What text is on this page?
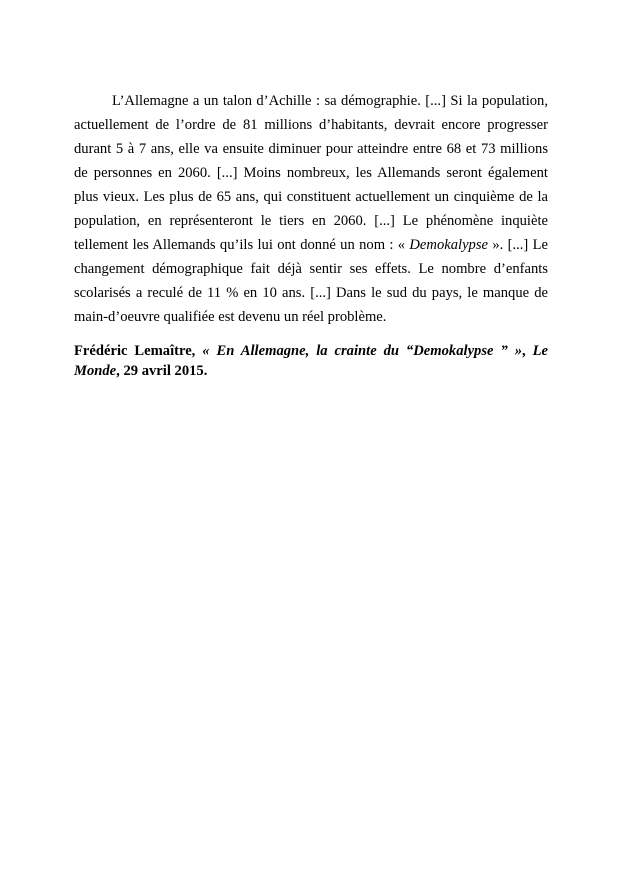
L’Allemagne a un talon d’Achille : sa démographie. [...] Si la population, actuellement de l’ordre de 81 millions d’habitants, devrait encore progresser durant 5 à 7 ans, elle va ensuite diminuer pour atteindre entre 68 et 73 millions de personnes en 2060. [...] Moins nombreux, les Allemands seront également plus vieux. Les plus de 65 ans, qui constituent actuellement un cinquième de la population, en représenteront le tiers en 2060. [...] Le phénomène inquiète tellement les Allemands qu’ils lui ont donné un nom : « Demokalypse ». [...] Le changement démographique fait déjà sentir ses effets. Le nombre d’enfants scolarisés a reculé de 11 % en 10 ans. [...] Dans le sud du pays, le manque de main-d’oeuvre qualifiée est devenu un réel problème.

Frédéric Lemaître, « En Allemagne, la crainte du “Demokalypse ” », Le Monde, 29 avril 2015.
